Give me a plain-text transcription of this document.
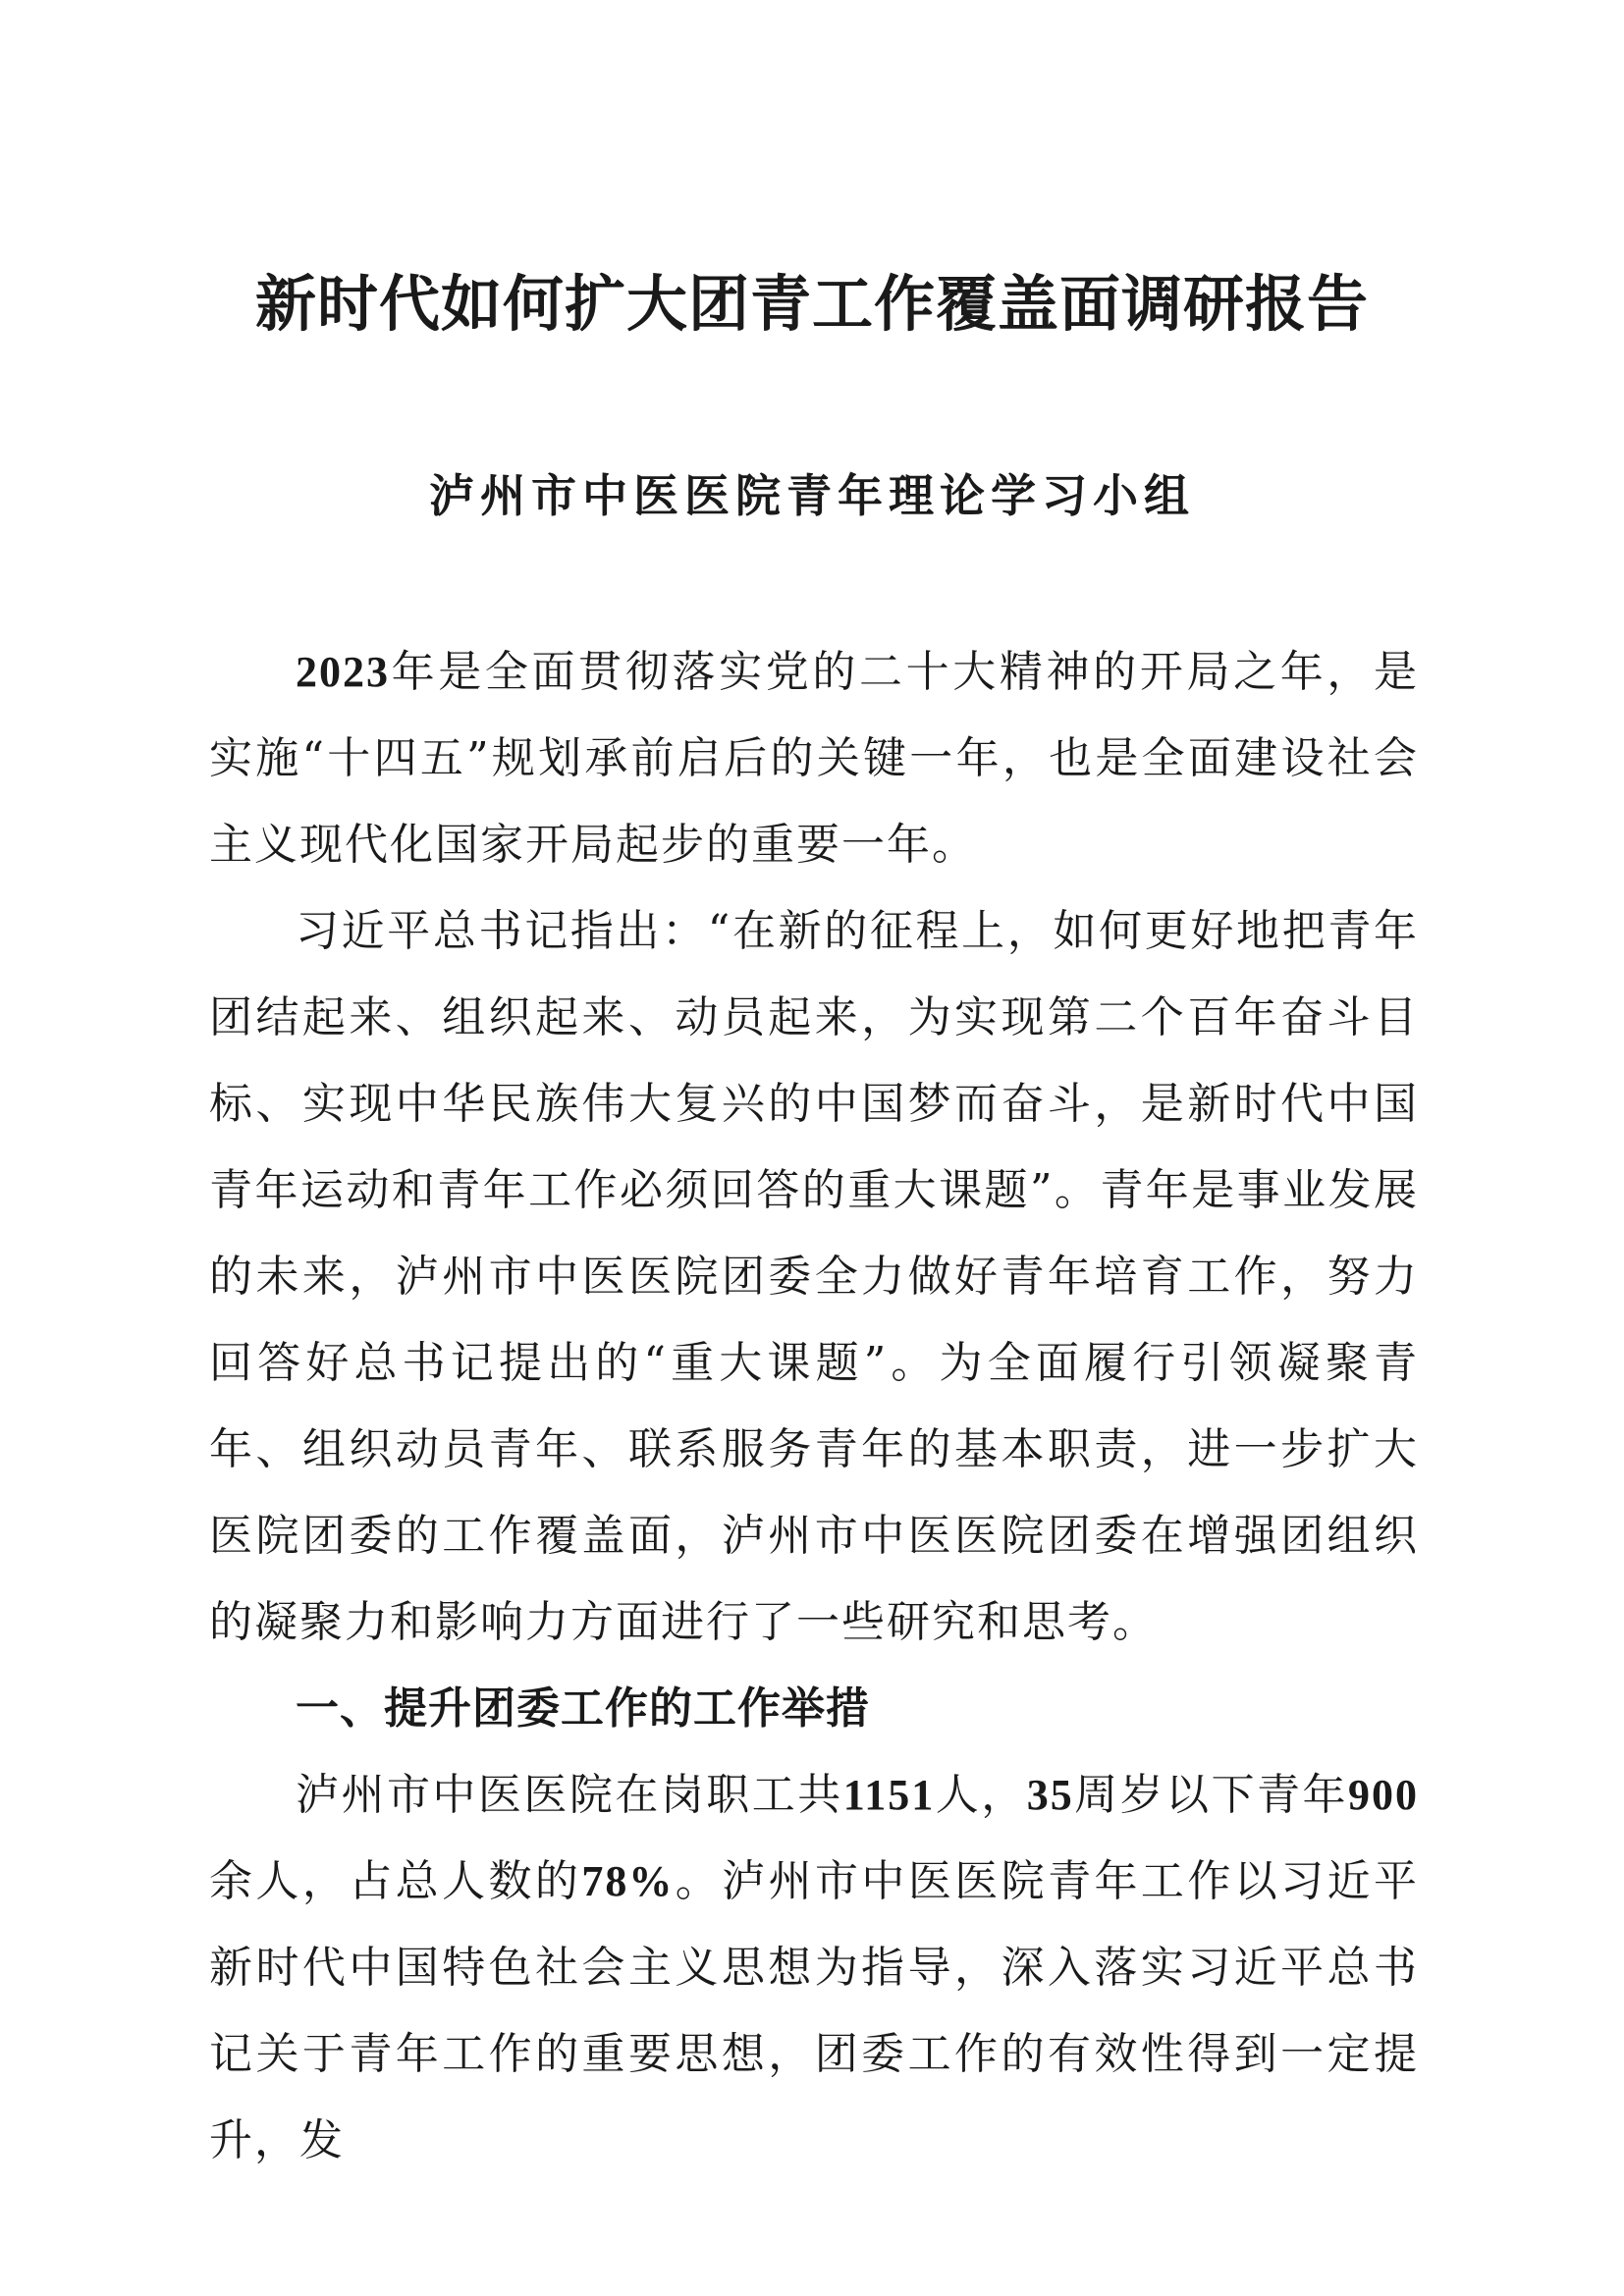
新时代如何扩大团青工作覆盖面调研报告
泸州市中医医院青年理论学习小组

2023年是全面贯彻落实党的二十大精神的开局之年，是实施“十四五”规划承前启后的关键一年，也是全面建设社会主义现代化国家开局起步的重要一年。

习近平总书记指出：“在新的征程上，如何更好地把青年团结起来、组织起来、动员起来，为实现第二个百年奋斗目标、实现中华民族伟大复兴的中国梦而奋斗，是新时代中国青年运动和青年工作必须回答的重大课题”。青年是事业发展的未来，泸州市中医医院团委全力做好青年培育工作，努力回答好总书记提出的“重大课题”。为全面履行引领凝聚青年、组织动员青年、联系服务青年的基本职责，进一步扩大医院团委的工作覆盖面，泸州市中医医院团委在增强团组织的凝聚力和影响力方面进行了一些研究和思考。

一、提升团委工作的工作举措

泸州市中医医院在岗职工共1151人，35周岁以下青年900余人，占总人数的78%。泸州市中医医院青年工作以习近平新时代中国特色社会主义思想为指导，深入落实习近平总书记关于青年工作的重要思想，团委工作的有效性得到一定提升，发
